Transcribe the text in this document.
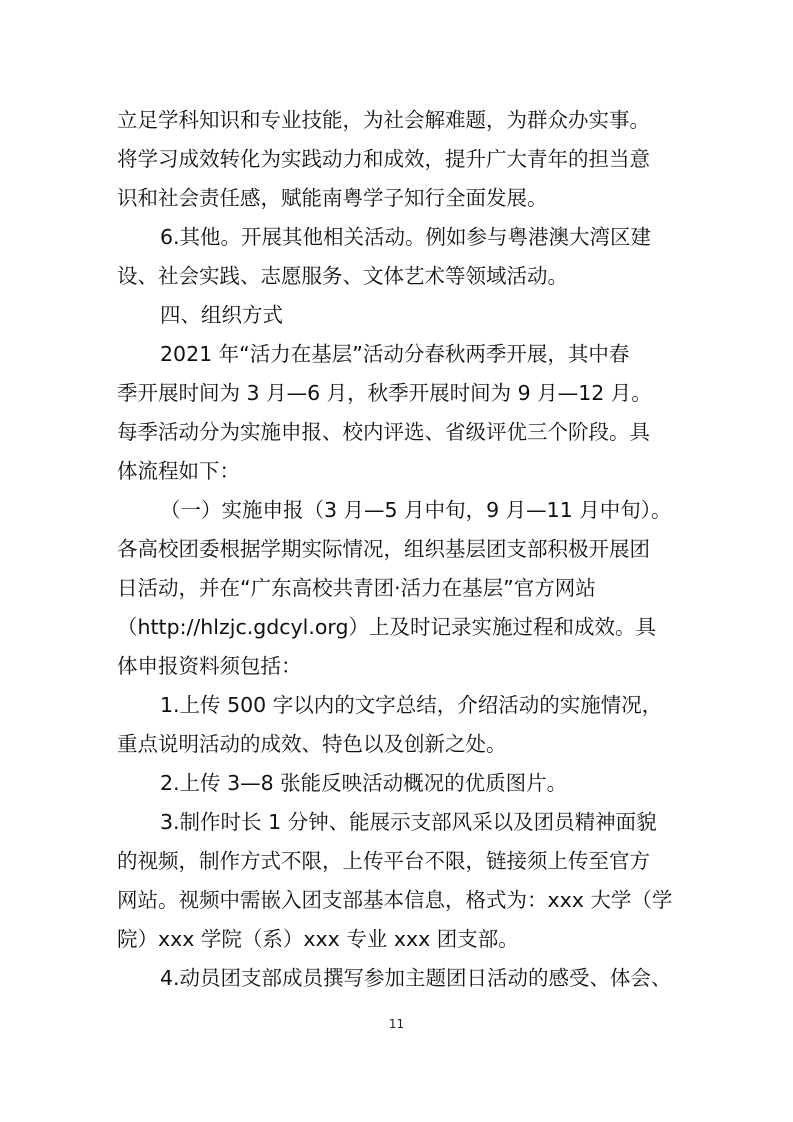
立足学科知识和专业技能，为社会解难题，为群众办实事。
将学习成效转化为实践动力和成效，提升广大青年的担当意
识和社会责任感，赋能南粤学子知行全面发展。
6.其他。开展其他相关活动。例如参与粤港澳大湾区建
设、社会实践、志愿服务、文体艺术等领域活动。
四、组织方式
2021 年“活力在基层”活动分春秋两季开展，其中春
季开展时间为 3 月—6 月，秋季开展时间为 9 月—12 月。
每季活动分为实施申报、校内评选、省级评优三个阶段。具
体流程如下：
（一）实施申报（3 月—5 月中旬，9 月—11 月中旬）。
各高校团委根据学期实际情况，组织基层团支部积极开展团
日活动，并在“广东高校共青团·活力在基层”官方网站
（http://hlzjc.gdcyl.org）上及时记录实施过程和成效。具
体申报资料须包括：
1.上传 500 字以内的文字总结，介绍活动的实施情况，
重点说明活动的成效、特色以及创新之处。
2.上传 3—8 张能反映活动概况的优质图片。
3.制作时长 1 分钟、能展示支部风采以及团员精神面貌
的视频，制作方式不限，上传平台不限，链接须上传至官方
网站。视频中需嵌入团支部基本信息，格式为：xxx 大学（学
院）xxx 学院（系）xxx 专业 xxx 团支部。
4.动员团支部成员撰写参加主题团日活动的感受、体会、
11
